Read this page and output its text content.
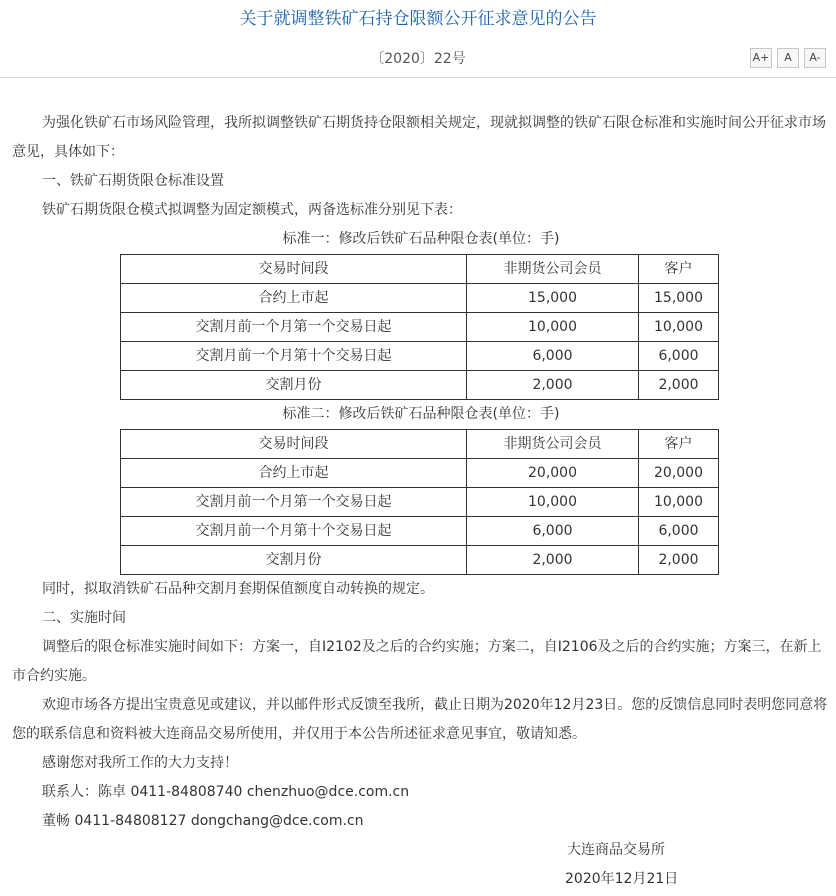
关于就调整铁矿石持仓限额公开征求意见的公告
〔2020〕22号	A+	A	A-

为强化铁矿石市场风险管理，我所拟调整铁矿石期货持仓限额相关规定，现就拟调整的铁矿石限仓标准和实施时间公开征求市场意见，具体如下：

一、铁矿石期货限仓标准设置

铁矿石期货限仓模式拟调整为固定额模式，两备选标准分别见下表：

标准一：修改后铁矿石品种限仓表(单位：手)

交易时间段	非期货公司会员	客户
合约上市起	15,000	15,000
交割月前一个月第一个交易日起	10,000	10,000
交割月前一个月第十个交易日起	6,000	6,000
交割月份	2,000	2,000

标准二：修改后铁矿石品种限仓表(单位：手)

交易时间段	非期货公司会员	客户
合约上市起	20,000	20,000
交割月前一个月第一个交易日起	10,000	10,000
交割月前一个月第十个交易日起	6,000	6,000
交割月份	2,000	2,000

同时，拟取消铁矿石品种交割月套期保值额度自动转换的规定。

二、实施时间

调整后的限仓标准实施时间如下：方案一，自I2102及之后的合约实施；方案二，自I2106及之后的合约实施；方案三，在新上市合约实施。

欢迎市场各方提出宝贵意见或建议，并以邮件形式反馈至我所，截止日期为2020年12月23日。您的反馈信息同时表明您同意将您的联系信息和资料被大连商品交易所使用，并仅用于本公告所述征求意见事宜，敬请知悉。

感谢您对我所工作的大力支持！

联系人：陈卓 0411-84808740 chenzhuo@dce.com.cn

董畅 0411-84808127 dongchang@dce.com.cn

大连商品交易所

2020年12月21日
